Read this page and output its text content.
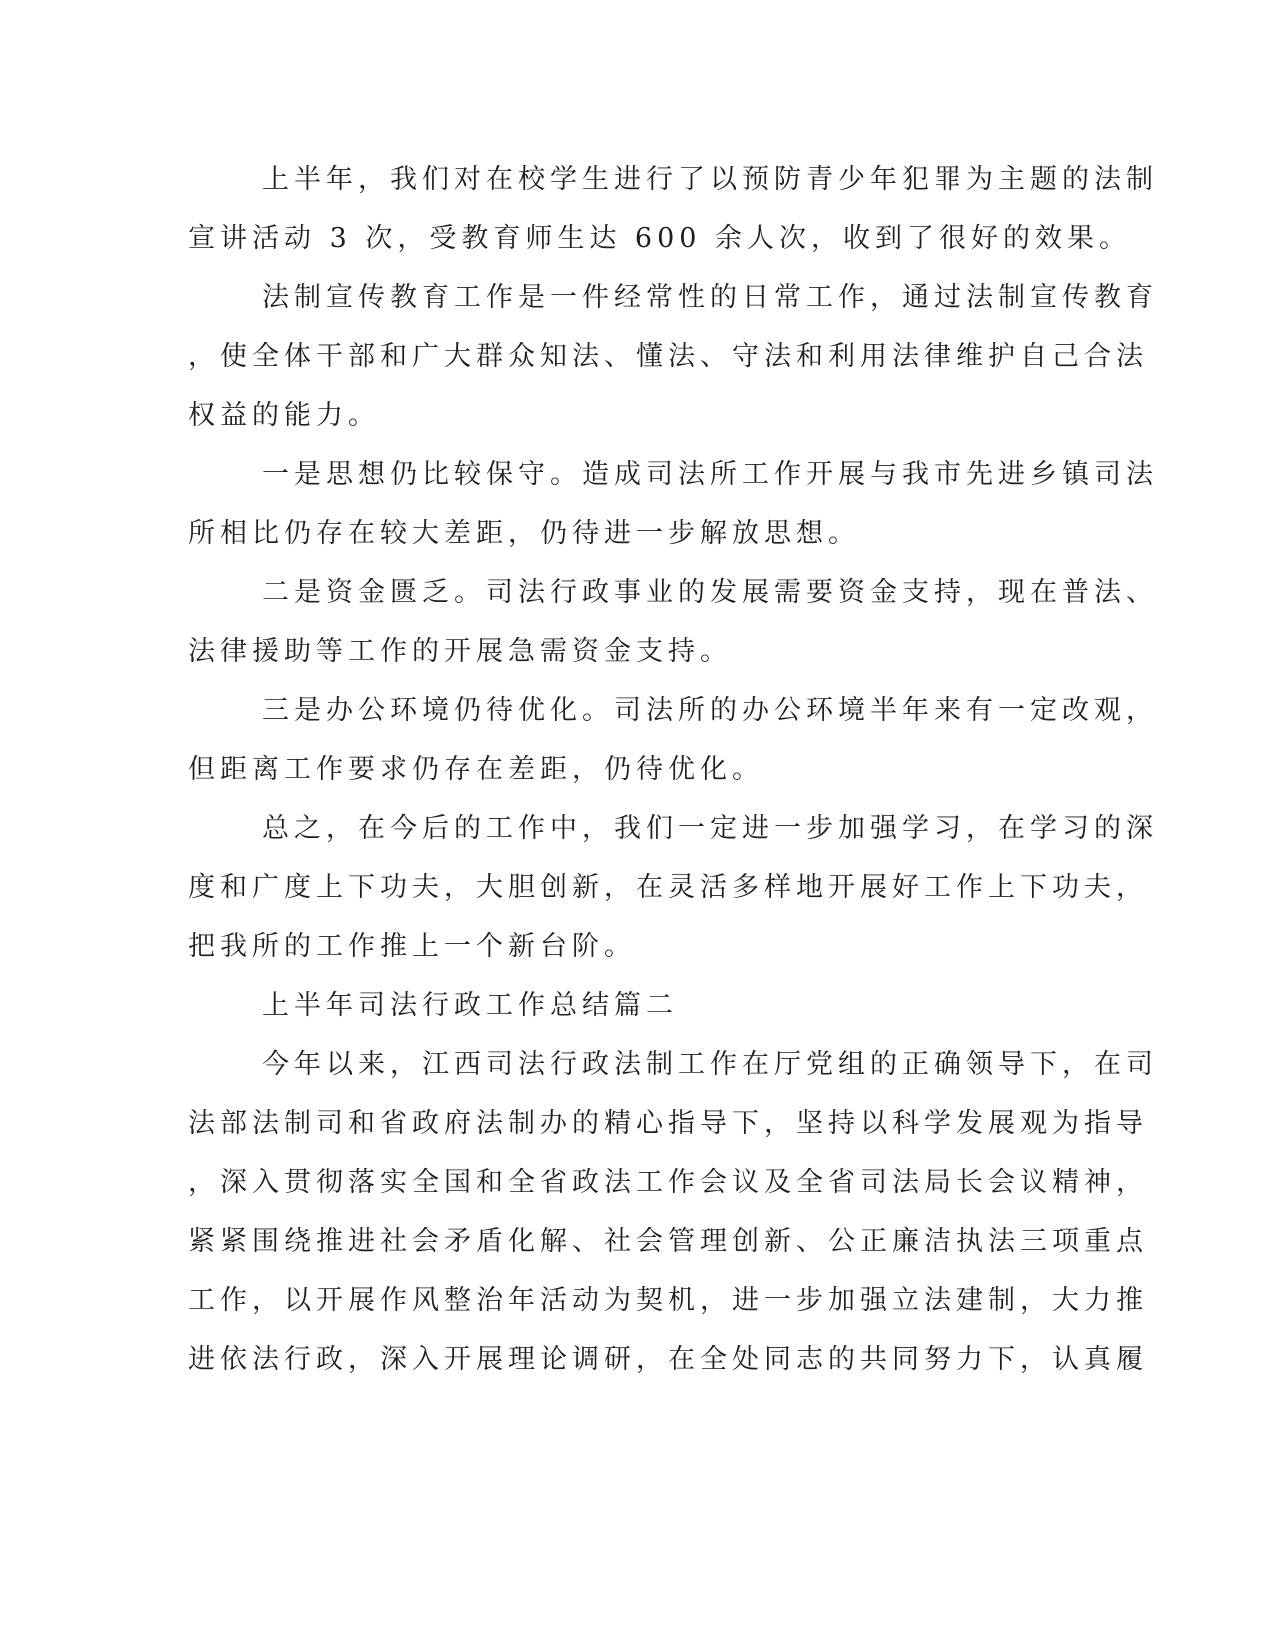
上半年，我们对在校学生进行了以预防青少年犯罪为主题的法制

宣讲活动 3 次，受教育师生达 600 余人次，收到了很好的效果。

法制宣传教育工作是一件经常性的日常工作，通过法制宣传教育

，使全体干部和广大群众知法、懂法、守法和利用法律维护自己合法

权益的能力。

一是思想仍比较保守。造成司法所工作开展与我市先进乡镇司法

所相比仍存在较大差距，仍待进一步解放思想。

二是资金匮乏。司法行政事业的发展需要资金支持，现在普法、

法律援助等工作的开展急需资金支持。

三是办公环境仍待优化。司法所的办公环境半年来有一定改观，

但距离工作要求仍存在差距，仍待优化。

总之，在今后的工作中，我们一定进一步加强学习，在学习的深

度和广度上下功夫，大胆创新，在灵活多样地开展好工作上下功夫，

把我所的工作推上一个新台阶。

上半年司法行政工作总结篇二

今年以来，江西司法行政法制工作在厅党组的正确领导下，在司

法部法制司和省政府法制办的精心指导下，坚持以科学发展观为指导

，深入贯彻落实全国和全省政法工作会议及全省司法局长会议精神，

紧紧围绕推进社会矛盾化解、社会管理创新、公正廉洁执法三项重点

工作，以开展作风整治年活动为契机，进一步加强立法建制，大力推

进依法行政，深入开展理论调研，在全处同志的共同努力下，认真履
